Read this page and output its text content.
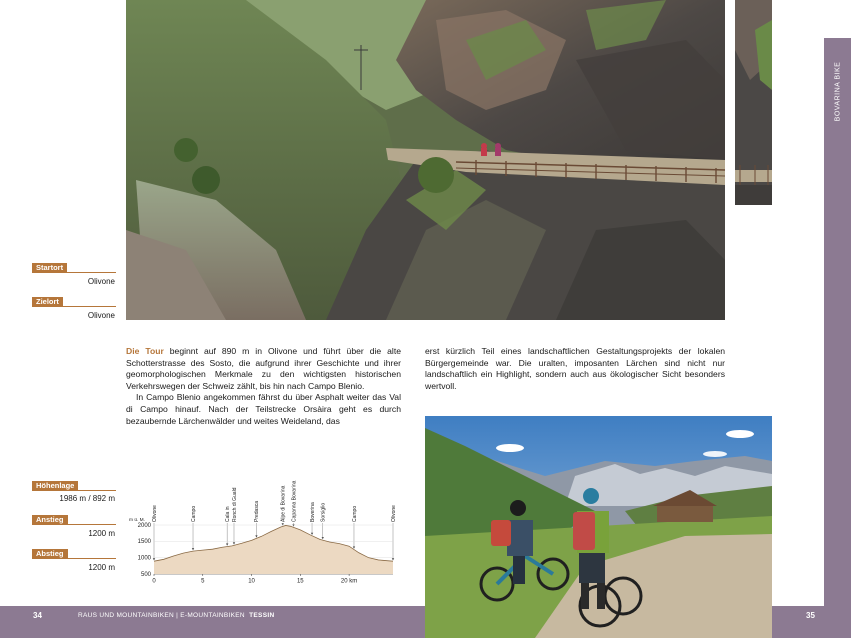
BOVARINA BIKE
Startort
Olivone
Zielort
Olivone
Höhenlage
1986 m / 892 m
Anstieg
1200 m
Abstieg
1200 m

Die Tour beginnt auf 890 m in Olivone und führt über die alte Schotterstrasse des Sosto, die aufgrund ihrer Geschichte und ihrer geomorphologischen Merkmale zu den wichtigsten historischen Verkehrswegen der Schweiz zählt, bis hin nach Campo Blenio.

In Campo Blenio angekommen fährst du über Asphalt weiter das Val di Campo hinauf. Nach der Teilstrecke Orsàira geht es durch bezaubernde Lärchenwälder und weites Weideland, das

erst kürzlich Teil eines landschaftlichen Gestaltungsprojekts der lokalen Bürgergemeinde war. Die uralten, imposanten Lärchen sind nicht nur landschaftlich ein Highlight, sondern auch aus ökologischer Sicht besonders wertvoll.

Olivone	Campo	Cala in Ronch di Guald	Predasca	Alpe di Bovarina Capanna Bovarina	Boverina Sorsiglio	Campo	Olivone
500
1000
1500
2000
0	5	10	15	20 km
m ü. M.
34	35
RAUS UND MOUNTAINBIKEN | E-MOUNTAINBIKEN TESSIN
